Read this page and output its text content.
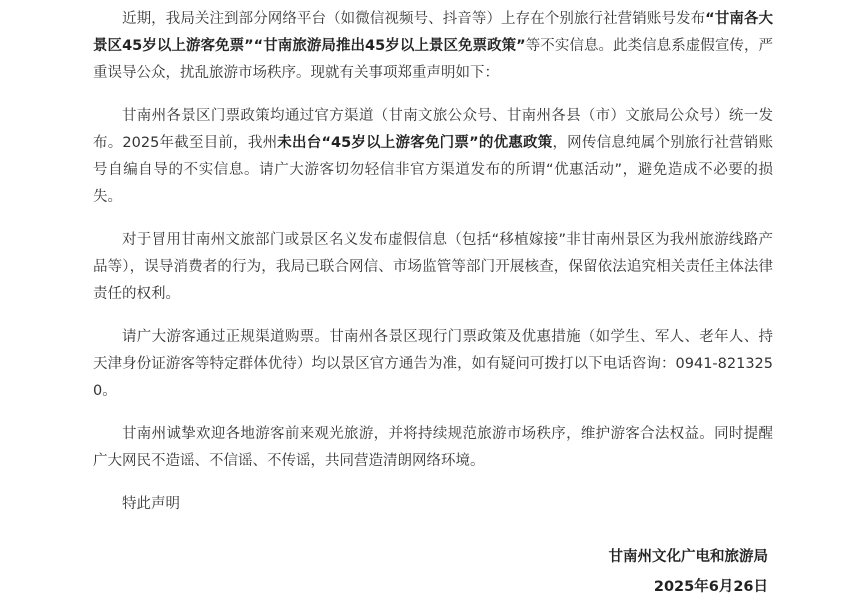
近期，我局关注到部分网络平台（如微信视频号、抖音等）上存在个别旅行社营销账号发布“甘南各大景区45岁以上游客免票”“甘南旅游局推出45岁以上景区免票政策”等不实信息。此类信息系虚假宣传，严重误导公众，扰乱旅游市场秩序。现就有关事项郑重声明如下：

甘南州各景区门票政策均通过官方渠道（甘南文旅公众号、甘南州各县（市）文旅局公众号）统一发布。2025年截至目前，我州未出台“45岁以上游客免门票”的优惠政策，网传信息纯属个别旅行社营销账号自编自导的不实信息。请广大游客切勿轻信非官方渠道发布的所谓“优惠活动”，避免造成不必要的损失。

对于冒用甘南州文旅部门或景区名义发布虚假信息（包括“移植嫁接”非甘南州景区为我州旅游线路产品等），误导消费者的行为，我局已联合网信、市场监管等部门开展核查，保留依法追究相关责任主体法律责任的权利。

请广大游客通过正规渠道购票。甘南州各景区现行门票政策及优惠措施（如学生、军人、老年人、持天津身份证游客等特定群体优待）均以景区官方通告为准，如有疑问可拨打以下电话咨询：0941-8213250。

甘南州诚挚欢迎各地游客前来观光旅游，并将持续规范旅游市场秩序，维护游客合法权益。同时提醒广大网民不造谣、不信谣、不传谣，共同营造清朗网络环境。

特此声明

甘南州文化广电和旅游局
2025年6月26日
